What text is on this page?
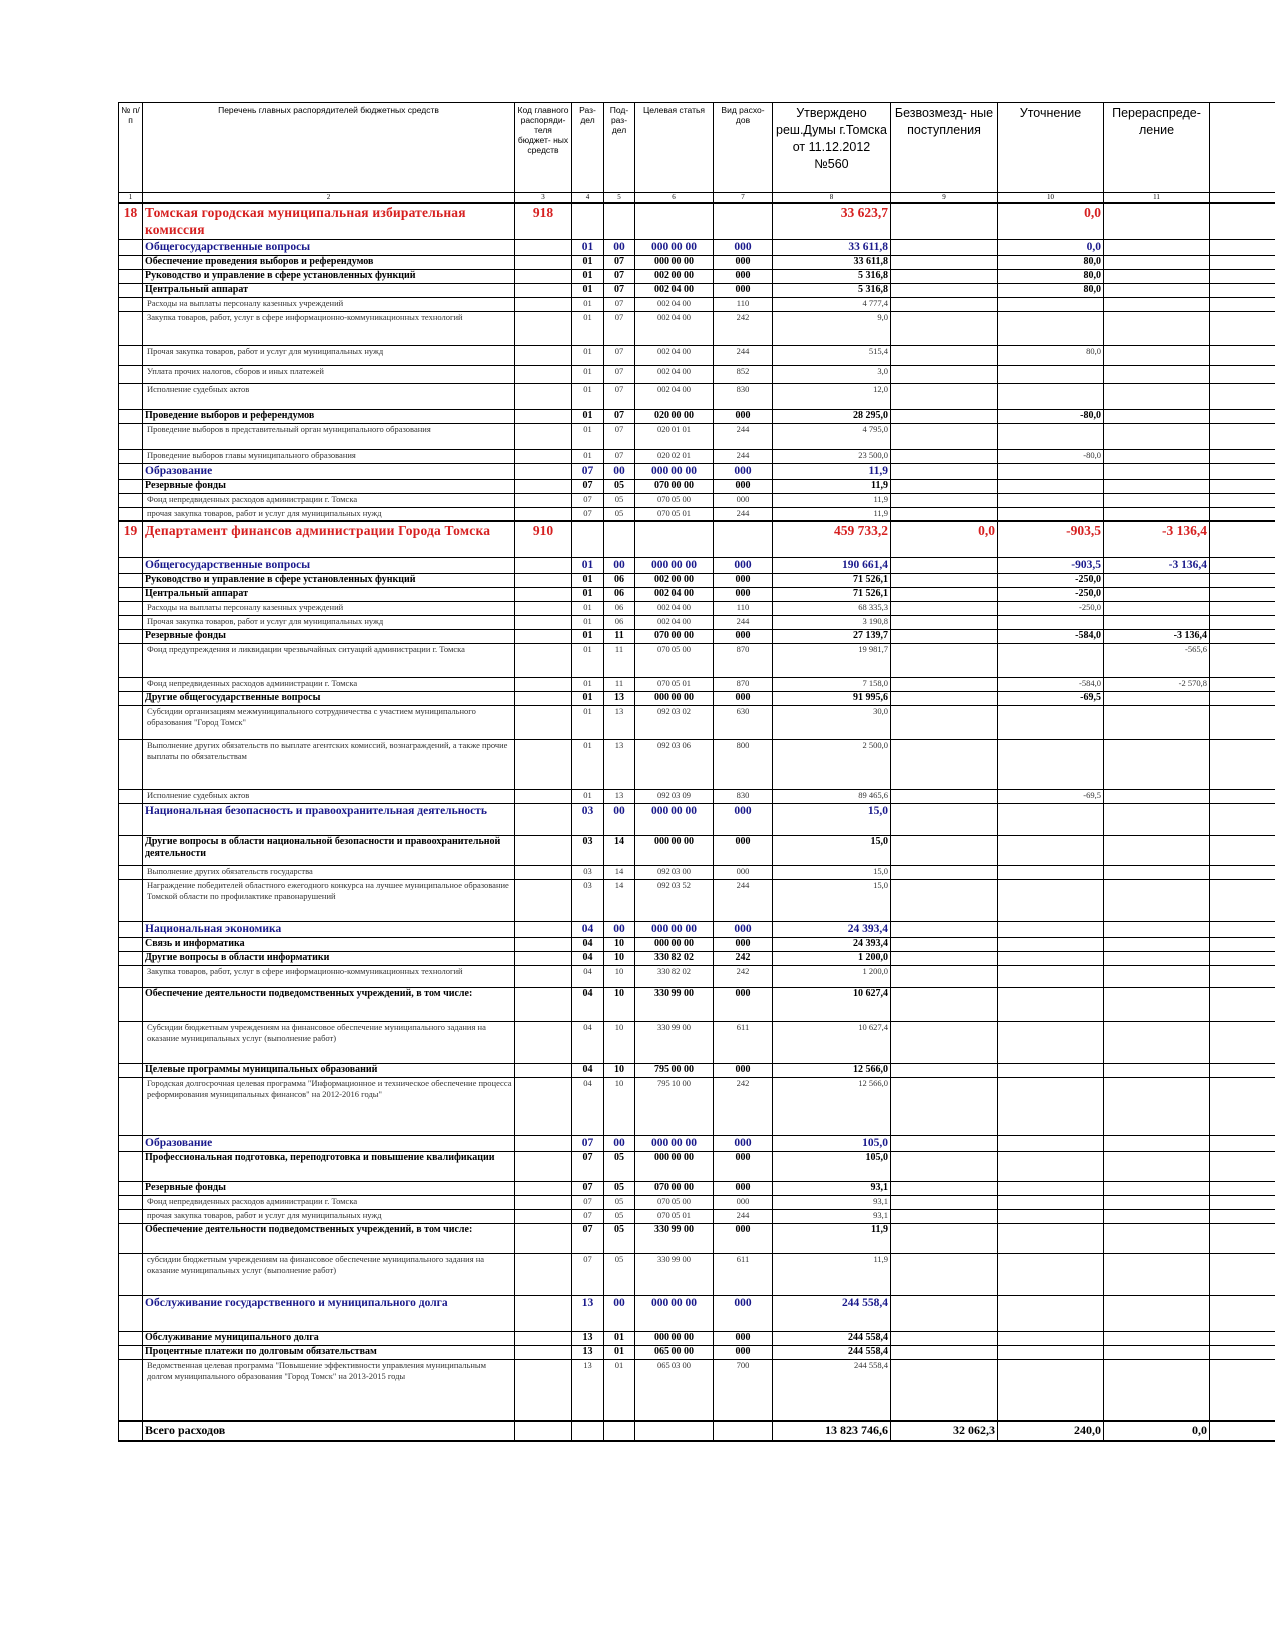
№ п/п	Перечень главных распорядителей бюджетных средств	Код главного распоряди- теля бюджет- ных средств	Раз- дел	Под- раз- дел	Целевая статья	Вид расхо- дов	Утверждено реш.Думы г.Томска от 11.12.2012 №560	Безвозмезд- ные поступления	Уточнение	Перераспреде- ление	
1	2	3	4	5	6	7	8	9	10	11	
18	Томская городская муниципальная избирательная комиссия	918					33 623,7		0,0		
	Общегосударственные вопросы		01	00	000 00 00	000	33 611,8		0,0		
	Обеспечение проведения выборов и референдумов		01	07	000 00 00	000	33 611,8		80,0		
	Руководство и управление в сфере установленных функций		01	07	002 00 00	000	5 316,8		80,0		
	Центральный аппарат		01	07	002 04 00	000	5 316,8		80,0		
	Расходы на выплаты персоналу казенных учреждений		01	07	002 04 00	110	4 777,4				
	Закупка товаров, работ, услуг в сфере информационно-коммуникационных технологий		01	07	002 04 00	242	9,0				
	Прочая закупка товаров, работ и услуг для муниципальных нужд		01	07	002 04 00	244	515,4		80,0		
	Уплата прочих налогов, сборов и иных платежей		01	07	002 04 00	852	3,0				
	Исполнение судебных актов		01	07	002 04 00	830	12,0				
	Проведение выборов и референдумов		01	07	020 00 00	000	28 295,0		-80,0		
	Проведение выборов в представительный орган муниципального образования		01	07	020 01 01	244	4 795,0				
	Проведение выборов главы муниципального образования		01	07	020 02 01	244	23 500,0		-80,0		
	Образование		07	00	000 00 00	000	11,9				
	Резервные фонды		07	05	070 00 00	000	11,9				
	Фонд непредвиденных расходов администрации г. Томска		07	05	070 05 00	000	11,9				
	прочая закупка товаров, работ и услуг для муниципальных нужд		07	05	070 05 01	244	11,9				
19	Департамент финансов администрации Города Томска	910					459 733,2	0,0	-903,5	-3 136,4	
	Общегосударственные вопросы		01	00	000 00 00	000	190 661,4		-903,5	-3 136,4	
	Руководство и управление в сфере установленных функций		01	06	002 00 00	000	71 526,1		-250,0		
	Центральный аппарат		01	06	002 04 00	000	71 526,1		-250,0		
	Расходы на выплаты персоналу казенных учреждений		01	06	002 04 00	110	68 335,3		-250,0		
	Прочая закупка товаров, работ и услуг для муниципальных нужд		01	06	002 04 00	244	3 190,8				
	Резервные фонды		01	11	070 00 00	000	27 139,7		-584,0	-3 136,4	
	Фонд предупреждения и ликвидации чрезвычайных ситуаций администрации г. Томска		01	11	070 05 00	870	19 981,7			-565,6	
	Фонд непредвиденных расходов администрации г. Томска		01	11	070 05 01	870	7 158,0		-584,0	-2 570,8	
	Другие общегосударственные вопросы		01	13	000 00 00	000	91 995,6		-69,5		
	Субсидии организациям межмуниципального сотрудничества с участием муниципального образования "Город Томск"		01	13	092 03 02	630	30,0				
	Выполнение других обязательств по выплате агентских комиссий, вознаграждений, а также прочие выплаты по обязательствам		01	13	092 03 06	800	2 500,0				
	Исполнение судебных актов		01	13	092 03 09	830	89 465,6		-69,5		
	Национальная безопасность и правоохранительная деятельность		03	00	000 00 00	000	15,0				
	Другие вопросы в области национальной безопасности и правоохранительной деятельности		03	14	000 00 00	000	15,0				
	Выполнение других обязательств государства		03	14	092 03 00	000	15,0				
	Награждение победителей областного ежегодного конкурса на лучшее муниципальное образование Томской области по профилактике правонарушений		03	14	092 03 52	244	15,0				
	Национальная экономика		04	00	000 00 00	000	24 393,4				
	Связь и информатика		04	10	000 00 00	000	24 393,4				
	Другие вопросы в области информатики		04	10	330 82 02	242	1 200,0				
	Закупка товаров, работ, услуг в сфере информационно-коммуникационных технологий		04	10	330 82 02	242	1 200,0				
	Обеспечение деятельности подведомственных учреждений, в том числе:		04	10	330 99 00	000	10 627,4				
	Субсидии бюджетным учреждениям на финансовое обеспечение муниципального задания на оказание муниципальных услуг (выполнение работ)		04	10	330 99 00	611	10 627,4				
	Целевые программы муниципальных образований		04	10	795 00 00	000	12 566,0				
	Городская долгосрочная целевая программа "Информационное и техническое обеспечение процесса реформирования муниципальных финансов" на 2012-2016 годы"		04	10	795 10 00	242	12 566,0				
	Образование		07	00	000 00 00	000	105,0				
	Профессиональная подготовка, переподготовка и повышение квалификации		07	05	000 00 00	000	105,0				
	Резервные фонды		07	05	070 00 00	000	93,1				
	Фонд непредвиденных расходов администрации г. Томска		07	05	070 05 00	000	93,1				
	прочая закупка товаров, работ и услуг для муниципальных нужд		07	05	070 05 01	244	93,1				
	Обеспечение деятельности подведомственных учреждений, в том числе:		07	05	330 99 00	000	11,9				
	субсидии бюджетным учреждениям на финансовое обеспечение муниципального задания на оказание муниципальных услуг (выполнение работ)		07	05	330 99 00	611	11,9				
	Обслуживание государственного и муниципального долга		13	00	000 00 00	000	244 558,4				
	Обслуживание муниципального долга		13	01	000 00 00	000	244 558,4				
	Процентные платежи по долговым обязательствам		13	01	065 00 00	000	244 558,4				
	Ведомственная целевая программа "Повышение эффективности управления муниципальным долгом муниципального образования "Город Томск" на 2013-2015 годы		13	01	065 03 00	700	244 558,4				
	Всего расходов						13 823 746,6	32 062,3	240,0	0,0	
